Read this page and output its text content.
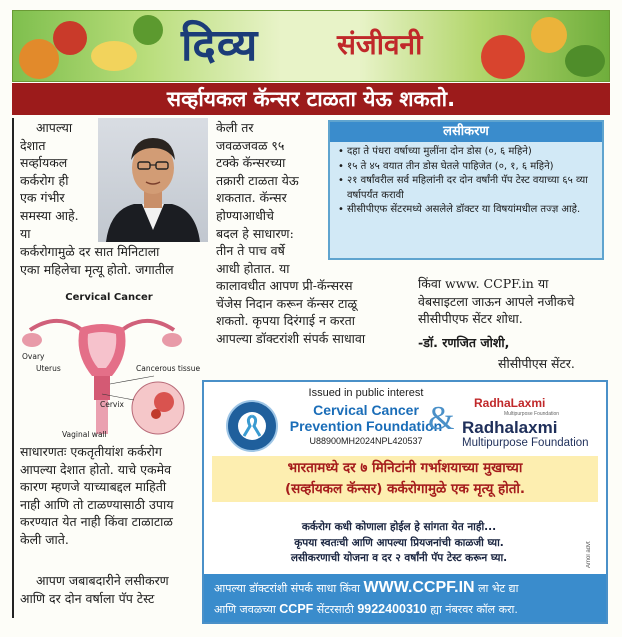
दिव्य	संजीवनी
सर्व्हायकल कॅन्सर टाळता येऊ शकतो.
आपल्या
देशात
सर्व्हायकल
कर्करोग ही
एक गंभीर
समस्या आहे.
या
कर्करोगामुळे दर सात मिनिटाला
एका महिलेचा मृत्यू होतो. जगातील
Cervical Cancer
Ovary
Uterus	Cancerous tissue
Cervix
Vaginal wall
साधारणतः एकतृतीयांश कर्करोग
आपल्या देशात होतो. याचे एकमेव
कारण म्हणजे याच्याबद्दल माहिती
नाही आणि तो टाळण्यासाठी उपाय
करण्यात येत नाही किंवा टाळाटाळ
केली जाते.
आपण जबाबदारीने लसीकरण
आणि दर दोन वर्षाला पॅप टेस्ट
केली तर
जवळजवळ ९५
टक्के कॅन्सरच्या
तक्रारी टाळता येऊ
शकतात. कॅन्सर
होण्याआधीचे
बदल हे साधारण:
तीन ते पाच वर्षे
आधी होतात. या
कालावधीत आपण प्री-कॅन्सरस
चेंजेस निदान करून कॅन्सर टाळू
शकतो. कृपया दिरंगाई न करता
आपल्या डॉक्टरांशी संपर्क साधावा
लसीकरण
• दहा ते पंधरा वर्षाच्या मुलींना दोन डोस (०, ६ महिने)
• १५ ते ४५ वयात तीन डोस घेतले पाहिजेत (०, १, ६ महिने)
• २१ वर्षांवरील सर्व महिलांनी दर दोन वर्षांनी पॅप टेस्ट वयाच्या ६५ व्या वर्षापर्यंत करावी
• सीसीपीएफ सेंटरमध्ये असलेले डॉक्टर या विषयांमधील तज्ज्ञ आहे.
किंवा www. CCPF.in या
वेबसाइटला जाऊन आपले नजीकचे
सीसीपीएफ सेंटर शोधा.
-डॉ. रणजित जोशी,
सीसीपीएस सेंटर.
Issued in public interest
Cervical Cancer
Prevention Foundation
U88900MH2024NPL420537
& RadhaLaxmi
Multipurpose Foundation
Radhalaxmi
Multipurpose Foundation
भारतामध्ये दर ७ मिनिटांनी गर्भाशयाच्या मुखाच्या
(सर्व्हायकल कॅन्सर) कर्करोगामुळे एक मृत्यू होतो.
कर्करोग कधी कोणाला होईल हे सांगता येत नाही...
कृपया स्वतःची आणि आपल्या प्रियजनांची काळजी घ्या.
लसीकरणाची योजना व दर २ वर्षांनी पॅप टेस्ट करून घ्या.	Amol advt
आपल्या डॉक्टरांशी संपर्क साधा किंवा WWW.CCPF.IN ला भेट द्या
आणि जवळच्या CCPF सेंटरसाठी 9922400310 ह्या नंबरवर कॉल करा.
